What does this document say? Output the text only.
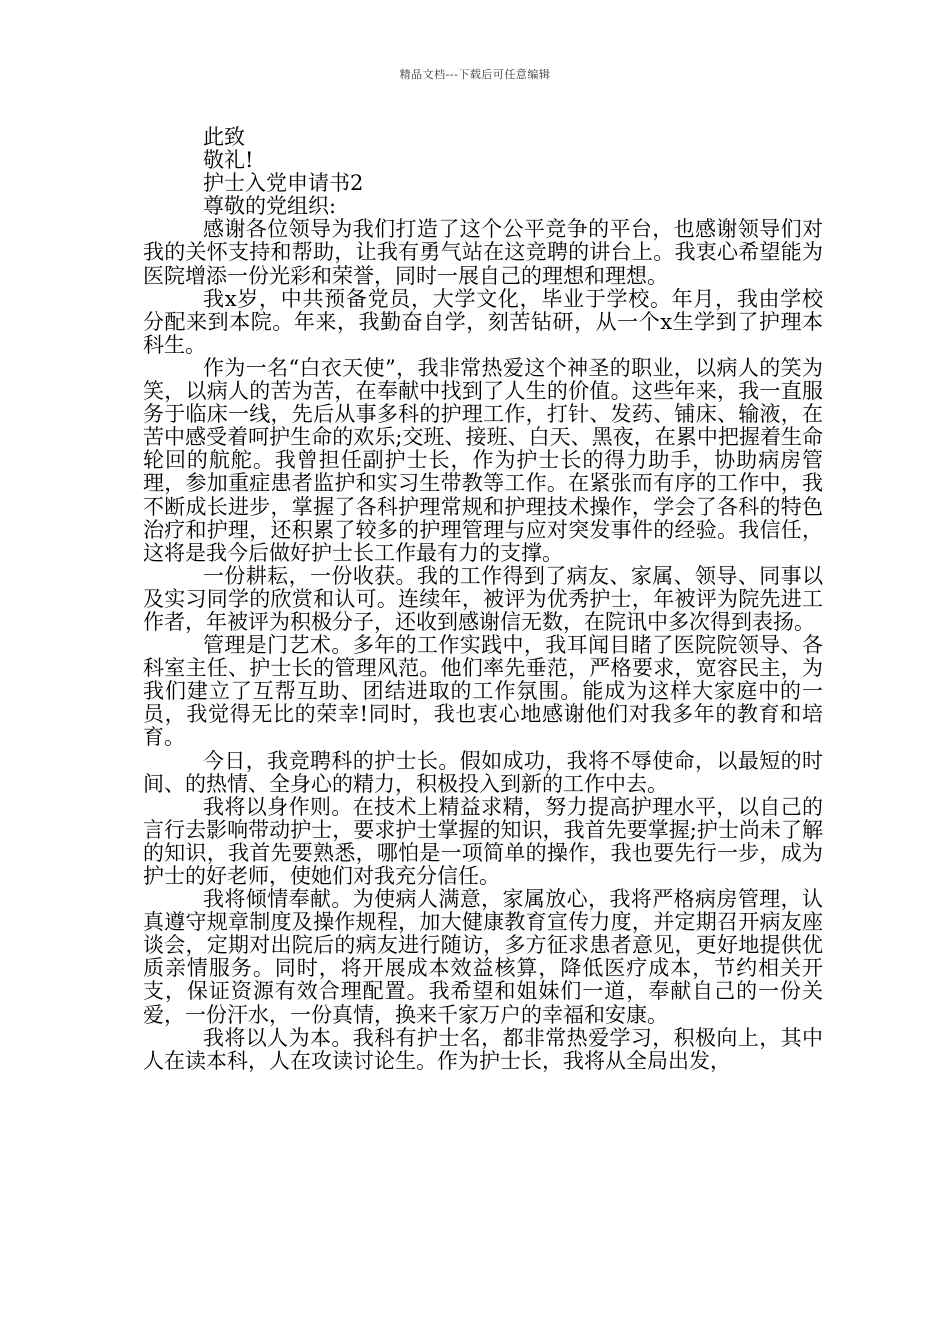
精品文档---下载后可任意编辑
此致
敬礼!
护士入党申请书2
尊敬的党组织:

感谢各位领导为我们打造了这个公平竞争的平台，也感谢领导们对我的关怀支持和帮助，让我有勇气站在这竞聘的讲台上。我衷心希望能为医院增添一份光彩和荣誉，同时一展自己的理想和理想。

我x岁，中共预备党员，大学文化，毕业于学校。年月，我由学校分配来到本院。年来，我勤奋自学，刻苦钻研，从一个x生学到了护理本科生。

作为一名“白衣天使”，我非常热爱这个神圣的职业，以病人的笑为笑，以病人的苦为苦，在奉献中找到了人生的价值。这些年来，我一直服务于临床一线，先后从事多科的护理工作，打针、发药、铺床、输液，在苦中感受着呵护生命的欢乐;交班、接班、白天、黑夜，在累中把握着生命轮回的航舵。我曾担任副护士长，作为护士长的得力助手，协助病房管理，参加重症患者监护和实习生带教等工作。在紧张而有序的工作中，我不断成长进步，掌握了各科护理常规和护理技术操作，学会了各科的特色治疗和护理，还积累了较多的护理管理与应对突发事件的经验。我信任，这将是我今后做好护士长工作最有力的支撑。

一份耕耘，一份收获。我的工作得到了病友、家属、领导、同事以及实习同学的欣赏和认可。连续年，被评为优秀护士，年被评为院先进工作者，年被评为积极分子，还收到感谢信无数，在院讯中多次得到表扬。

管理是门艺术。多年的工作实践中，我耳闻目睹了医院院领导、各科室主任、护士长的管理风范。他们率先垂范，严格要求，宽容民主，为我们建立了互帮互助、团结进取的工作氛围。能成为这样大家庭中的一员，我觉得无比的荣幸!同时，我也衷心地感谢他们对我多年的教育和培育。

今日，我竞聘科的护士长。假如成功，我将不辱使命，以最短的时间、的热情、全身心的精力，积极投入到新的工作中去。

我将以身作则。在技术上精益求精，努力提高护理水平，以自己的言行去影响带动护士，要求护士掌握的知识，我首先要掌握;护士尚未了解的知识，我首先要熟悉，哪怕是一项简单的操作，我也要先行一步，成为护士的好老师，使她们对我充分信任。

我将倾情奉献。为使病人满意，家属放心，我将严格病房管理，认真遵守规章制度及操作规程，加大健康教育宣传力度，并定期召开病友座谈会，定期对出院后的病友进行随访，多方征求患者意见，更好地提供优质亲情服务。同时，将开展成本效益核算，降低医疗成本，节约相关开支，保证资源有效合理配置。我希望和姐妹们一道，奉献自己的一份关爱，一份汗水，一份真情，换来千家万户的幸福和安康。

我将以人为本。我科有护士名，都非常热爱学习，积极向上，其中人在读本科，人在攻读讨论生。作为护士长，我将从全局出发，
